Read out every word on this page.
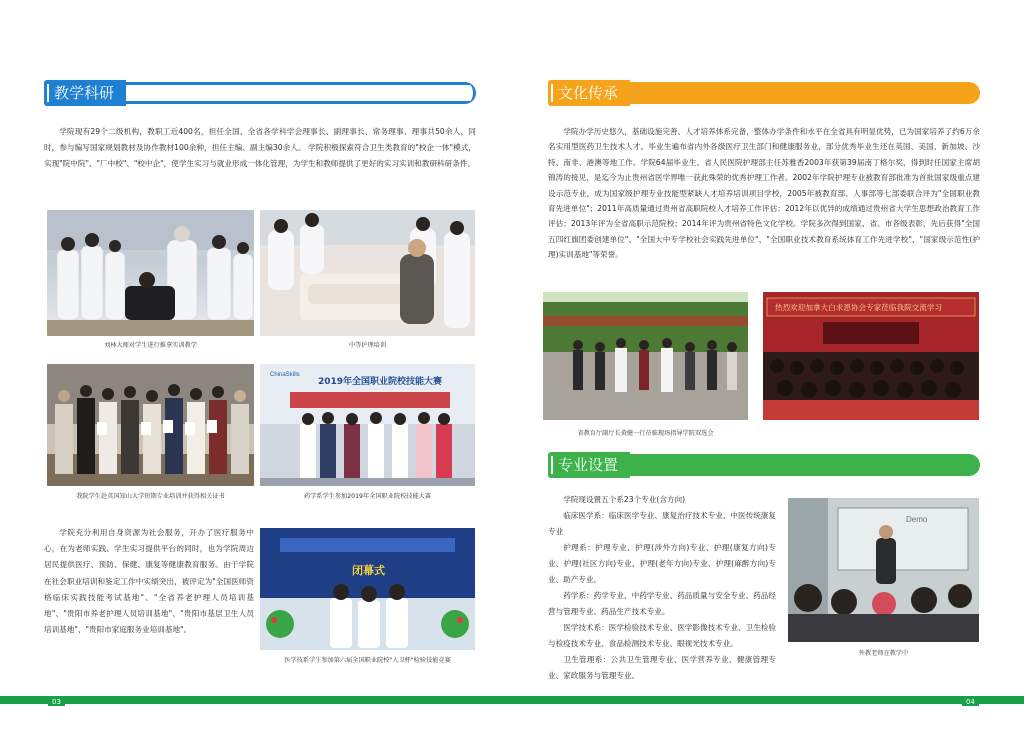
教学科研

学院现有29个二级机构，教职工近400名，担任全国、全省各学科学会理事长、副理事长、常务理事、理事共50余人，同时，参与编写国家规划教材及协作教材100余种，担任主编、副主编30余人。 学院积极探索符合卫生类教育的"校企一体"模式，实现"院中院"、"厂中校"、"校中企"，使学生实习与就业形成一体化管理，为学生和教师提供了更好的实习实训和教研科研条件。

刘林大师对学生进行推拿实训教学	中等护理培训
我院学生赴英国知山大学短期专业培训并获得相关证书
ChinaSkills
2019年全国职业院校技能大赛
药学系学生参加2019年全国职业院校技能大赛

学院充分利用自身资源为社会服务，开办了医疗服务中心，在为老师实践、学生实习提供平台的同时，也为学院周边居民提供医疗、预防、保健、康复等健康教育服务。由于学院在社会职业培训和鉴定工作中实绩突出，被评定为"全国医师资格临床实践技能考试基地"、"全省养老护理人员培训基地"、"贵阳市养老护理人员培训基地"、"贵阳市基层卫生人员培训基地"、"贵阳市家庭服务业培训基地"。

闭幕式
医学技系学生参加第六届全国职业院校"人卫杯"检验技能竞赛
03
文化传承

学院办学历史悠久，基础设施完善、人才培养体系完备，整体办学条件和水平在全省具有明显优势，已为国家培养了约6万余名实用型医药卫生技术人才。毕业生遍布省内外各级医疗卫生部门和健康服务业，部分优秀毕业生还在英国、美国、新加坡、沙特、南非、港澳等地工作。学院64届毕业生、省人民医院护理部主任苏雅香2003年获第39届南丁格尔奖，得到时任国家主席胡锦涛的接见，是迄今为止贵州省医学界唯一获此殊荣的优秀护理工作者。2002年学院护理专业被教育部批准为首批国家级重点建设示范专业，成为国家级护理专业技能型紧缺人才培养培训项目学校，2005年被教育部、人事部等七部委联合评为"全国职业教育先进单位"；2011年高质量通过贵州省高职院校人才培养工作评估；2012年以优异的成绩通过贵州省大学生思想政治教育工作评估；2013年评为全省高职示范院校；2014年评为贵州省特色文化学校。学院多次得到国家、省、市各级表彰，先后获得"全国五四红旗团委创建单位"、"全国大中专学校社会实践先进单位"、"全国职业技术教育系统体育工作先进学校"、"国家级示范性(护理)实训基地"等荣誉。

省教育厅副厅长黄健一行莅临现场指导学院双选会
热烈欢迎加拿大白求恩协会专家莅临我院交流学习
专业设置

学院现设置五个系23个专业(含方向)

临床医学系：临床医学专业、康复治疗技术专业、中医传统康复专业

护理系：护理专业、护理(涉外方向)专业、护理(康复方向)专业、护理(社区方向)专业、护理(老年方向)专业、护理(麻醉方向)专业、助产专业。

药学系：药学专业、中药学专业、药品质量与安全专业、药品经营与管理专业、药品生产技术专业。

医学技术系：医学检验技术专业、医学影像技术专业、卫生检验与检疫技术专业、食品检测技术专业、眼视光技术专业。

卫生管理系：公共卫生管理专业、医学营养专业、健康管理专业、家政服务与管理专业。

Demo
外教老师在教学中
04
